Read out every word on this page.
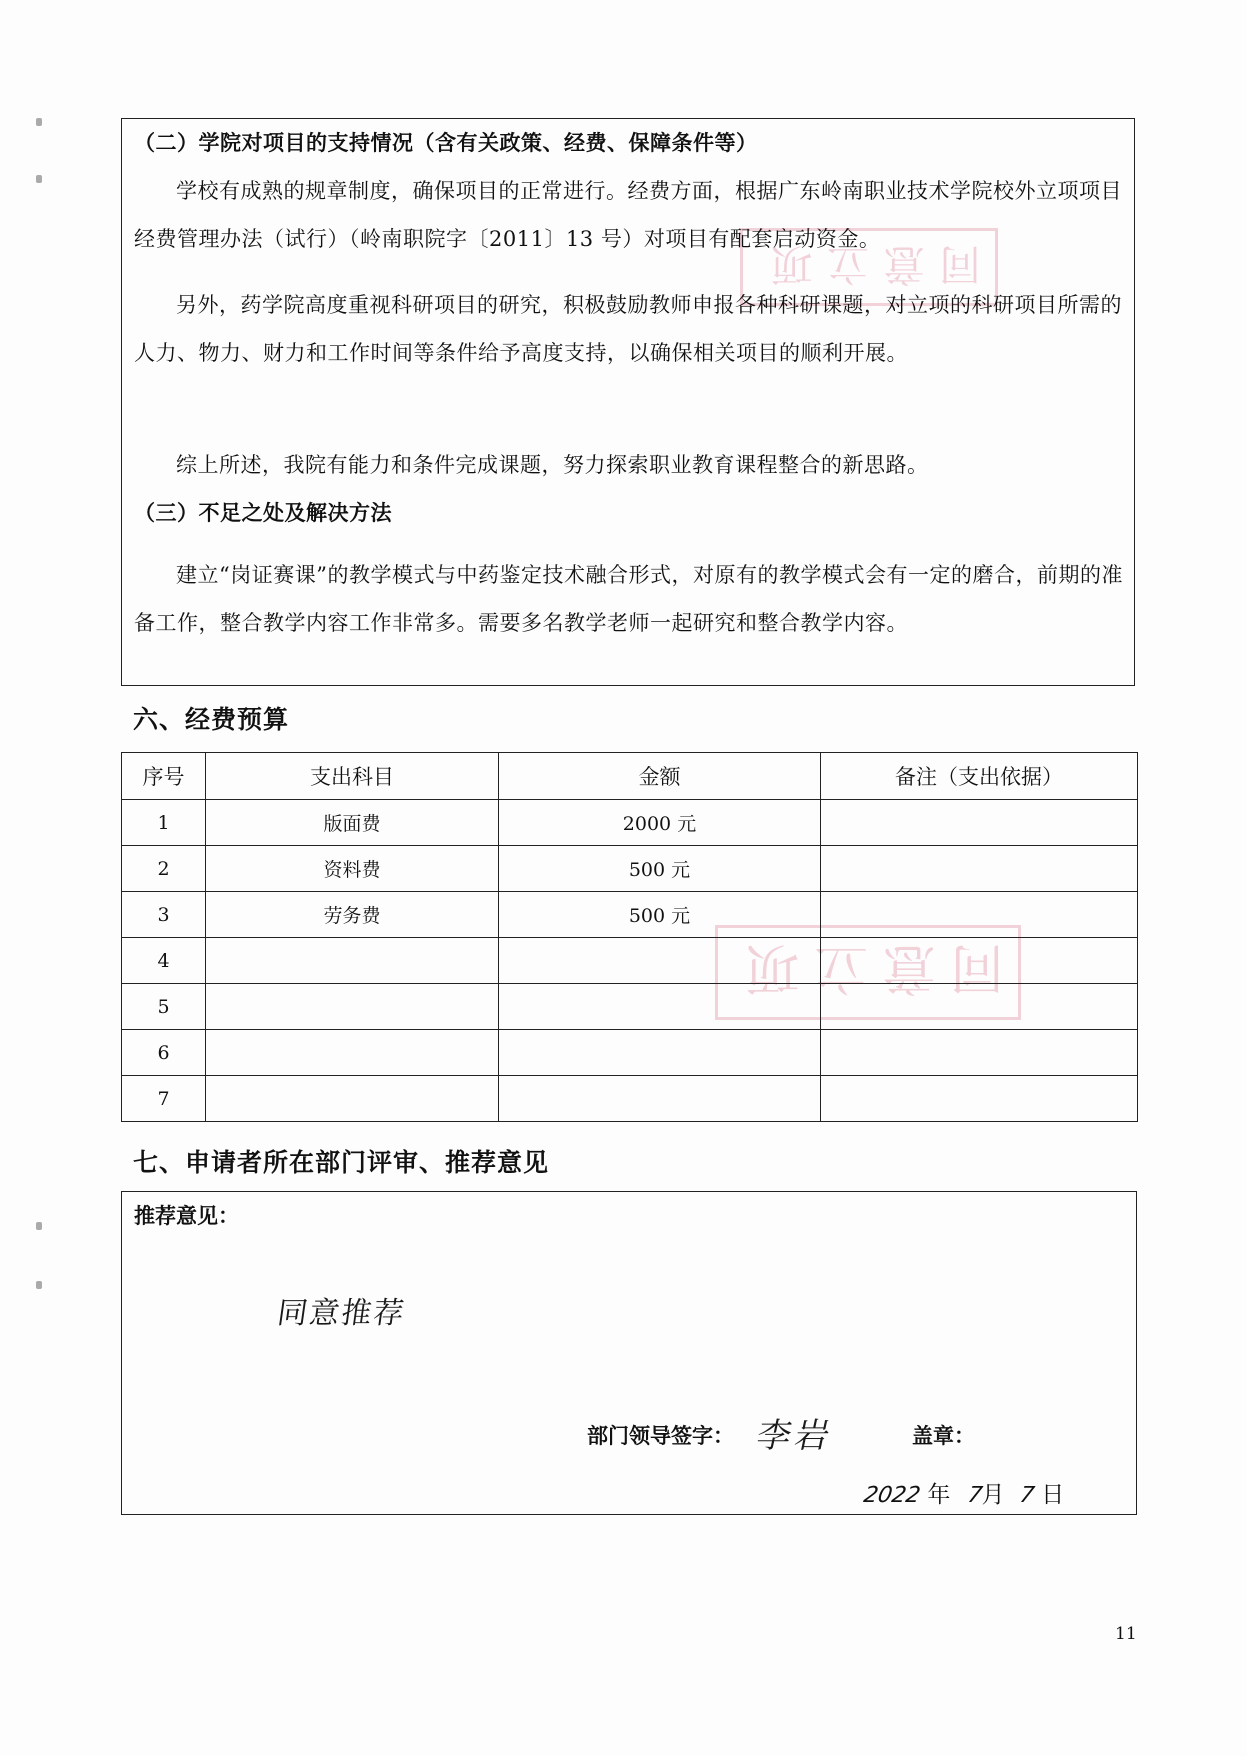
同意立项
同意立项
（二）学院对项目的支持情况（含有关政策、经费、保障条件等）
学校有成熟的规章制度，确保项目的正常进行。经费方面，根据广东岭南职业技术学院校外立项项目经费管理办法（试行）（岭南职院字〔2011〕13 号）对项目有配套启动资金。
另外，药学院高度重视科研项目的研究，积极鼓励教师申报各种科研课题，对立项的科研项目所需的人力、物力、财力和工作时间等条件给予高度支持，以确保相关项目的顺利开展。
综上所述，我院有能力和条件完成课题，努力探索职业教育课程整合的新思路。
（三）不足之处及解决方法
建立“岗证赛课”的教学模式与中药鉴定技术融合形式，对原有的教学模式会有一定的磨合，前期的准备工作，整合教学内容工作非常多。需要多名教学老师一起研究和整合教学内容。
六、经费预算
序号	支出科目	金额	备注（支出依据）
1	版面费	2000 元	
2	资料费	500 元	
3	劳务费	500 元	
4			
5			
6			
7			
七、申请者所在部门评审、推荐意见
推荐意见：
同意推荐
部门领导签字： 李岩	盖章：
2022 年 7月 7 日
11
